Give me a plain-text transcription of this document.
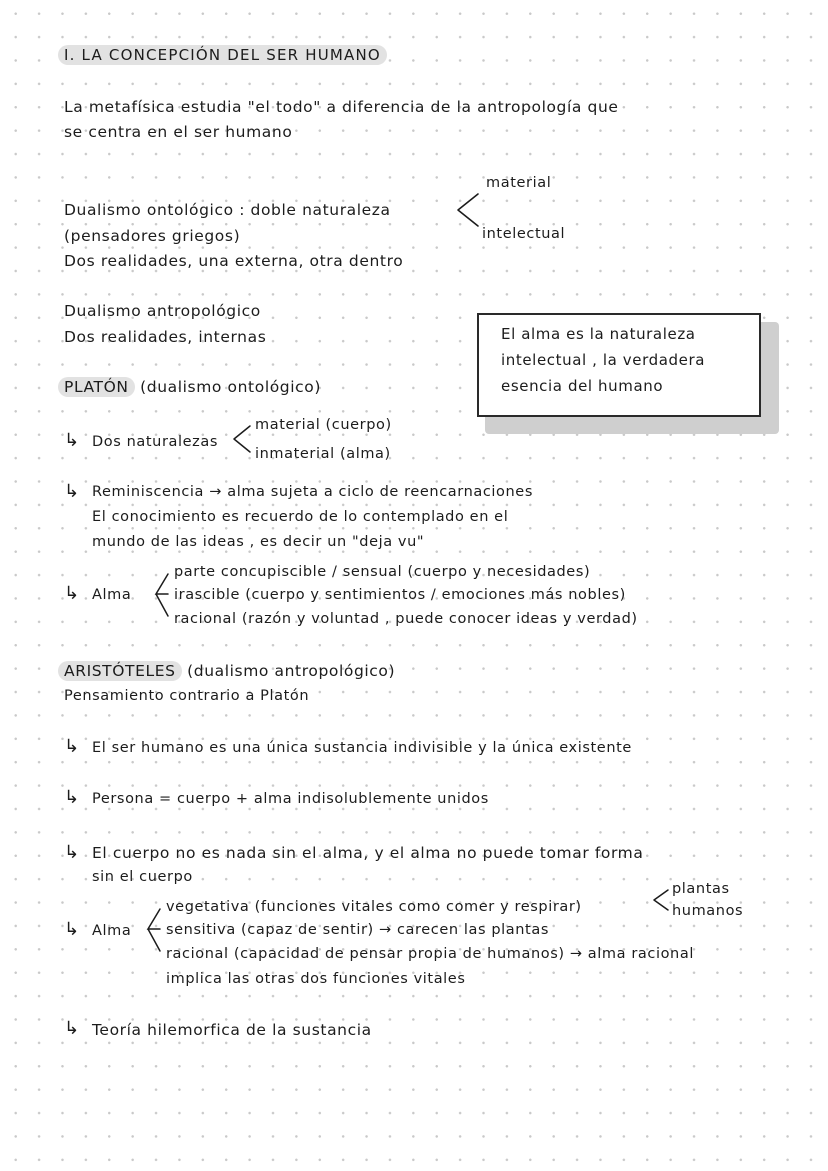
I. LA CONCEPCIÓN DEL SER HUMANO
La metafísica estudia "el todo" a diferencia de la antropología que
se centra en el ser humano
material
Dualismo ontológico : doble naturaleza
intelectual
(pensadores griegos)
Dos realidades, una externa, otra dentro
Dualismo antropológico
Dos realidades, internas	El alma es la naturaleza
intelectual , la verdadera
esencia del humano
PLATÓN (dualismo ontológico)
material (cuerpo)
↳ Dos naturalezas
inmaterial (alma)
↳ Reminiscencia → alma sujeta a ciclo de reencarnaciones
El conocimiento es recuerdo de lo contemplado en el
mundo de las ideas , es decir un "deja vu"
parte concupiscible / sensual (cuerpo y necesidades)
↳ Alma	irascible (cuerpo y sentimientos / emociones más nobles)
racional (razón y voluntad , puede conocer ideas y verdad)
ARISTÓTELES (dualismo antropológico)
Pensamiento contrario a Platón
↳ El ser humano es una única sustancia indivisible y la única existente
↳ Persona = cuerpo + alma indisolublemente unidos
↳ El cuerpo no es nada sin el alma, y el alma no puede tomar forma
sin el cuerpo
plantas
vegetativa (funciones vitales como comer y respirar)	humanos
↳ Alma sensitiva (capaz de sentir) → carecen las plantas
racional (capacidad de pensar propia de humanos) → alma racional
implica las otras dos funciones vitales
↳ Teoría hilemorfica de la sustancia
